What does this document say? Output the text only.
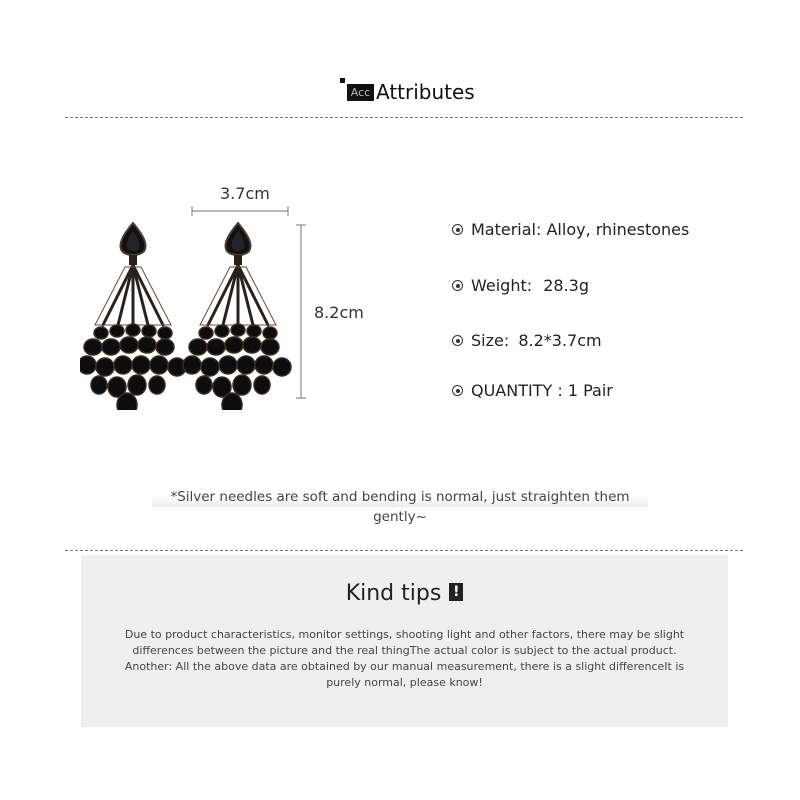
Acc Attributes
3.7cm
8.2cm
Material: Alloy, rhinestones
Weight: 28.3g
Size: 8.2*3.7cm
QUANTITY : 1 Pair
*Silver needles are soft and bending is normal, just straighten them gently~
Kind tips !
Due to product characteristics, monitor settings, shooting light and other factors, there may be slight differences between the picture and the real thingThe actual color is subject to the actual product. Another: All the above data are obtained by our manual measurement, there is a slight differenceIt is purely normal, please know!
